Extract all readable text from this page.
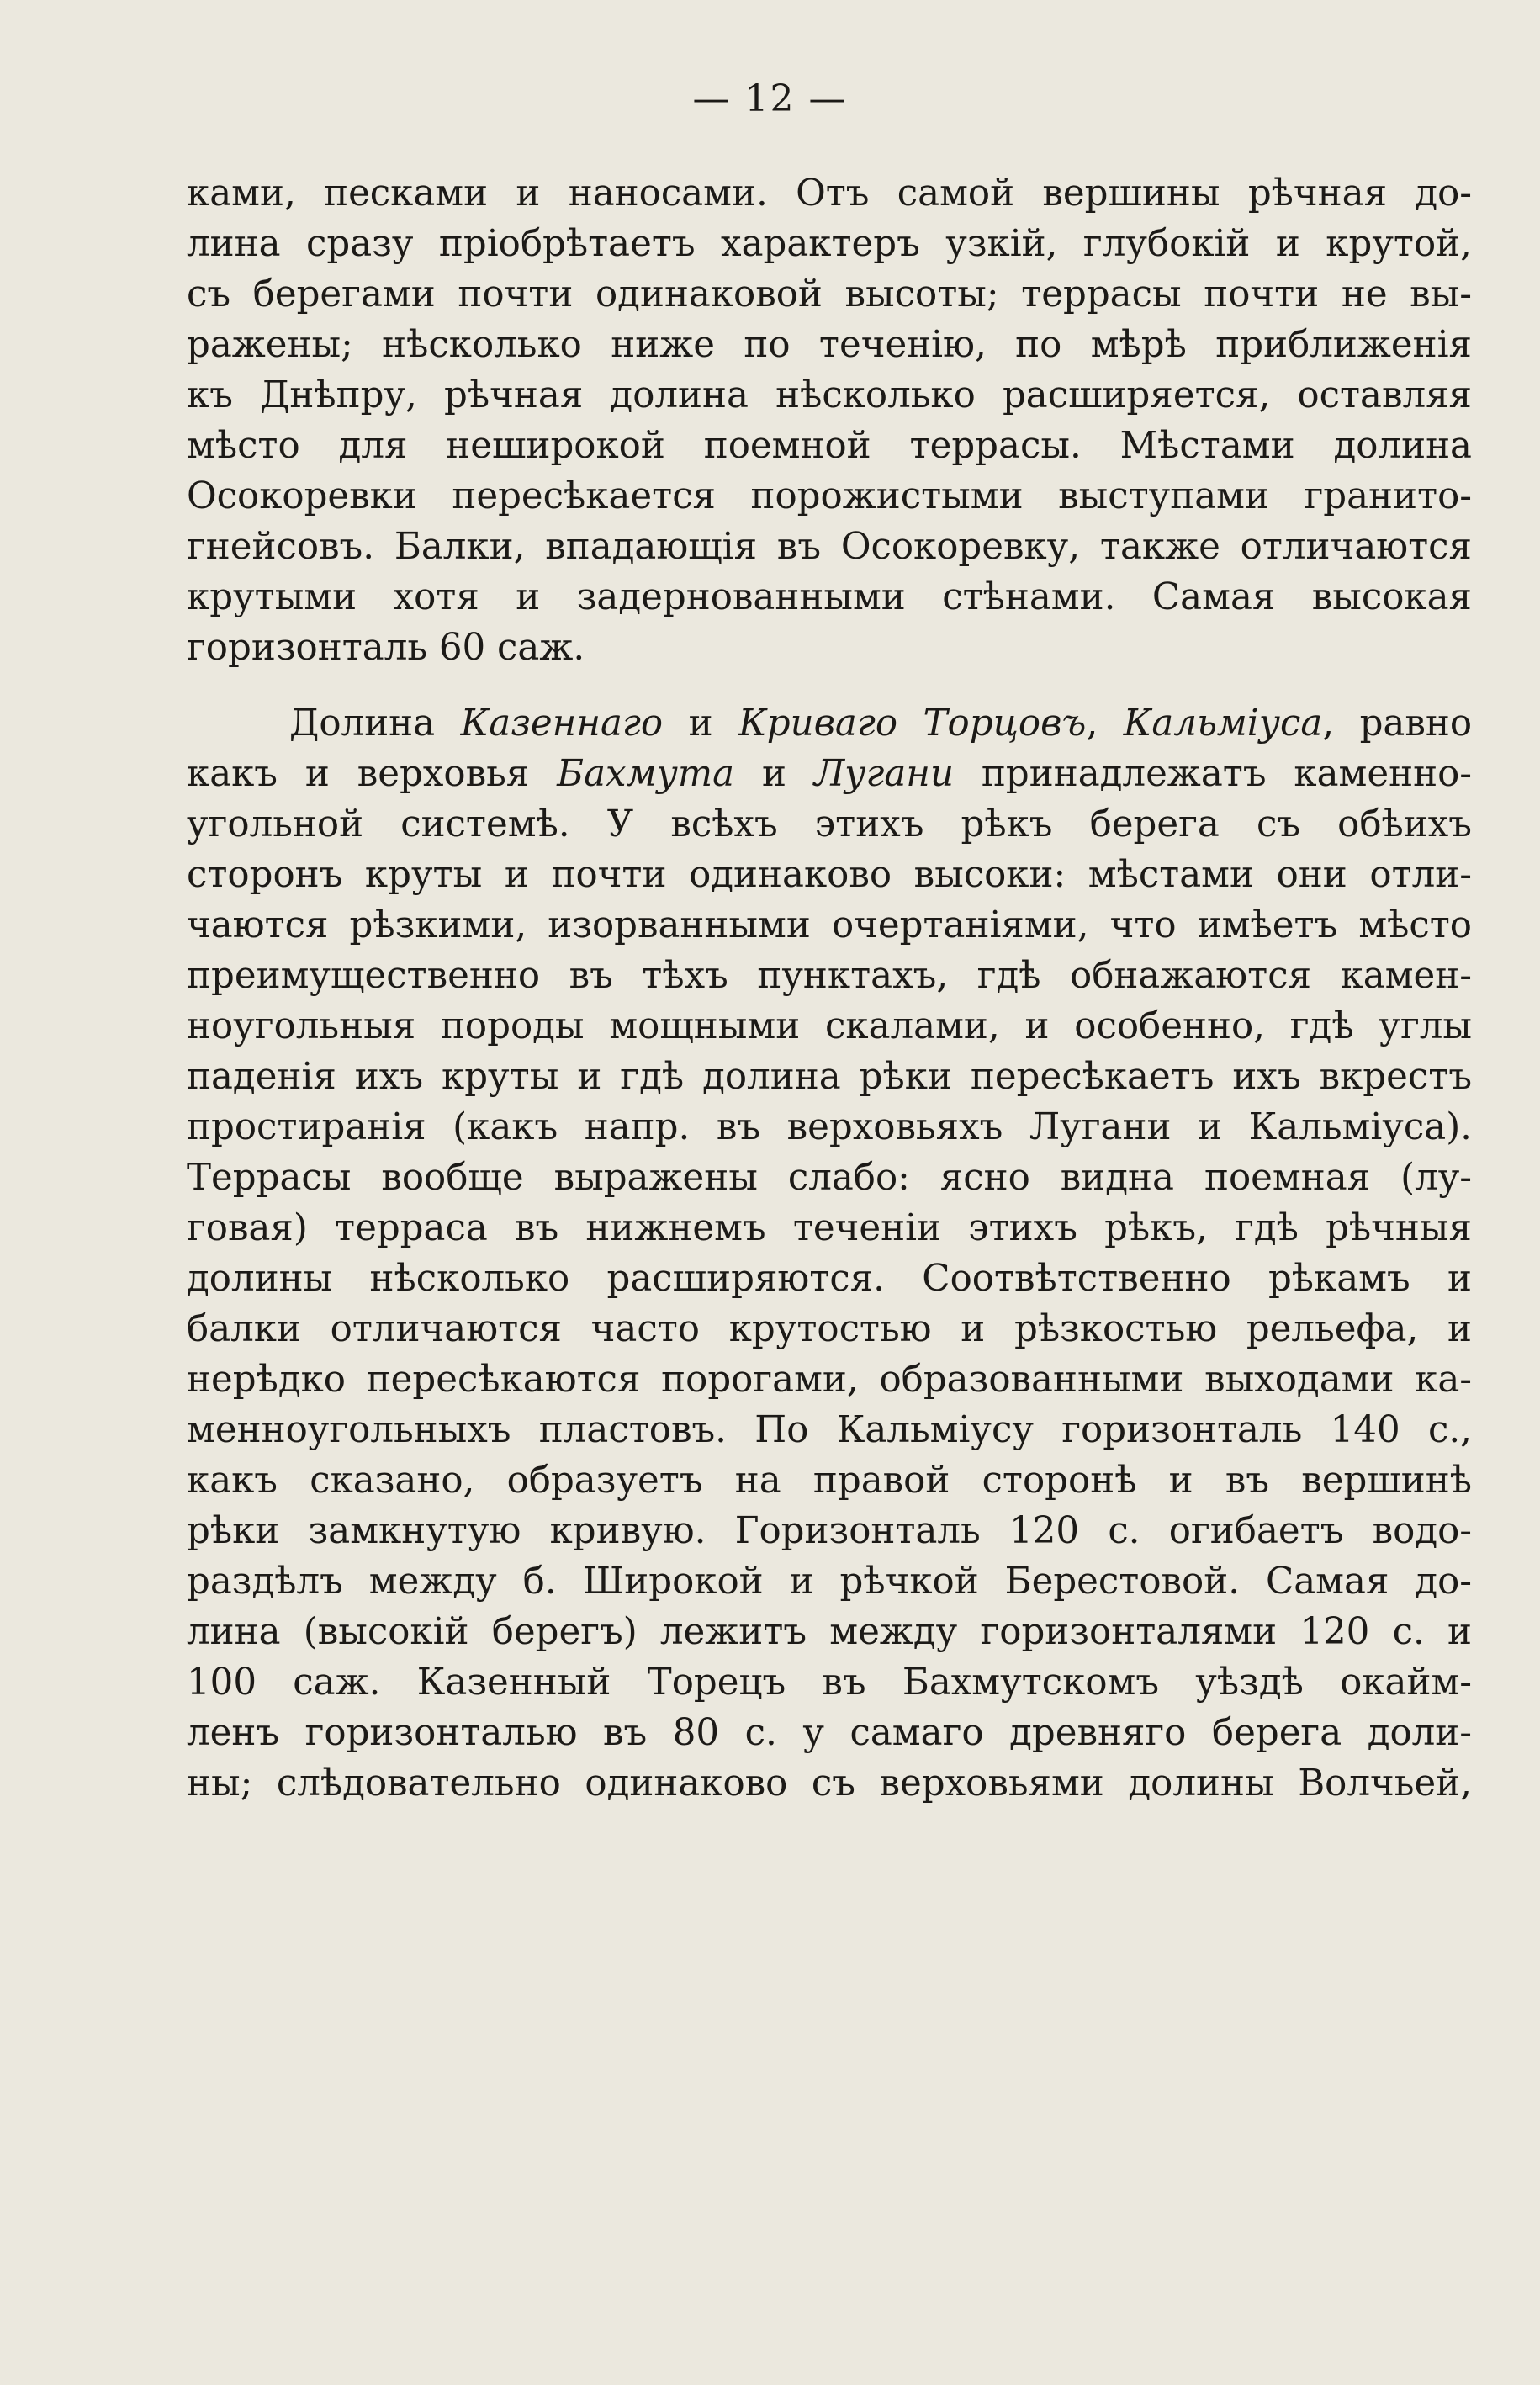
— 12 —
ками, песками и наносами. Отъ самой вершины рѣчная до-
лина сразу пріобрѣтаетъ характеръ узкій, глубокій и крутой,
съ берегами почти одинаковой высоты; террасы почти не вы-
ражены; нѣсколько ниже по теченію, по мѣрѣ приближенія
къ Днѣпру, рѣчная долина нѣсколько расширяется, оставляя
мѣсто для неширокой поемной террасы. Мѣстами долина
Осокоревки пересѣкается порожистыми выступами гранито-
гнейсовъ. Балки, впадающія въ Осокоревку, также отличаются
крутыми хотя и задернованными стѣнами. Самая высокая
горизонталь 60 саж.
Долина Казеннаго и Криваго Торцовъ, Кальміуса, равно
какъ и верховья Бахмута и Лугани принадлежатъ каменно-
угольной системѣ. У всѣхъ этихъ рѣкъ берега съ обѣихъ
сторонъ круты и почти одинаково высоки: мѣстами они отли-
чаются рѣзкими, изорванными очертаніями, что имѣетъ мѣсто
преимущественно въ тѣхъ пунктахъ, гдѣ обнажаются камен-
ноугольныя породы мощными скалами, и особенно, гдѣ углы
паденія ихъ круты и гдѣ долина рѣки пересѣкаетъ ихъ вкрестъ
простиранія (какъ напр. въ верховьяхъ Лугани и Кальміуса).
Террасы вообще выражены слабо: ясно видна поемная (лу-
говая) терраса въ нижнемъ теченіи этихъ рѣкъ, гдѣ рѣчныя
долины нѣсколько расширяются. Соотвѣтственно рѣкамъ и
балки отличаются часто крутостью и рѣзкостью рельефа, и
нерѣдко пересѣкаются порогами, образованными выходами ка-
менноугольныхъ пластовъ. По Кальміусу горизонталь 140 с.,
какъ сказано, образуетъ на правой сторонѣ и въ вершинѣ
рѣки замкнутую кривую. Горизонталь 120 с. огибаетъ водо-
раздѣлъ между б. Широкой и рѣчкой Берестовой. Самая до-
лина (высокій берегъ) лежитъ между горизонталями 120 с. и
100 саж. Казенный Торецъ въ Бахмутскомъ уѣздѣ окайм-
ленъ горизонталью въ 80 с. у самаго древняго берега доли-
ны; слѣдовательно одинаково съ верховьями долины Волчьей,
